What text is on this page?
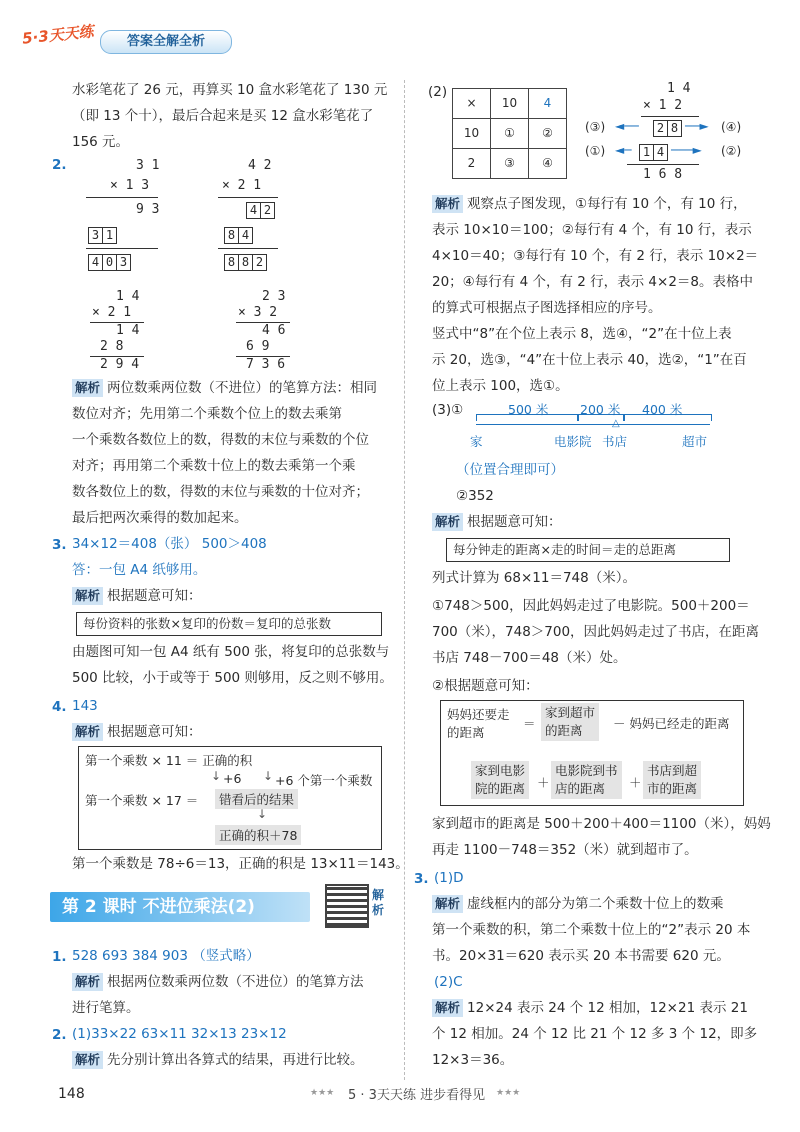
5·3天天练	答案全解全析
水彩笔花了 26 元，再算买 10 盒水彩笔花了 130 元
（即 13 个十），最后合起来是买 12 盒水彩笔花了
156 元。
2.	3 1
× 1 3
9 3
3 1
4 0 3
4 2
× 2 1
4 2
8 4
8 8 2
1 4
× 2 1
1 4
2 8
2 9 4
2 3
× 3 2
4 6
6 9
7 3 6
解析 两位数乘两位数（不进位）的笔算方法：相同
数位对齐；先用第二个乘数个位上的数去乘第
一个乘数各数位上的数，得数的末位与乘数的个位
对齐；再用第二个乘数十位上的数去乘第一个乘
数各数位上的数，得数的末位与乘数的十位对齐；
最后把两次乘得的数加起来。
3. 34×12＝408（张） 500＞408
答：一包 A4 纸够用。
解析 根据题意可知：
每份资料的张数×复印的份数＝复印的总张数
由题图可知一包 A4 纸有 500 张，将复印的总张数与
500 比较，小于或等于 500 则够用，反之则不够用。
4. 143
解析 根据题意可知：
第一个乘数 × 11 ＝ 正确的积
↓ +6 ↓ +6 个第一个乘数
第一个乘数 × 17 ＝	错看后的结果
↓
正确的积＋78
第一个乘数是 78÷6＝13，正确的积是 13×11＝143。
第 2 课时 不进位乘法(2)
解析
1. 528 693 384 903 （竖式略）
解析 根据两位数乘两位数（不进位）的笔算方法
进行笔算。
2. (1)33×22 63×11 32×13 23×12
解析 先分别计算出各算式的结果，再进行比较。
(2)
×	10	4
10	①	②
2	③	④
1 4
× 1 2
(③) ◄──	2 8 ──► (④)
(①) ◄─ 1 4 ───► (②)
1 6 8
解析 观察点子图发现，①每行有 10 个，有 10 行，
表示 10×10＝100；②每行有 4 个，有 10 行，表示
4×10＝40；③每行有 10 个，有 2 行，表示 10×2＝
20；④每行有 4 个，有 2 行，表示 4×2＝8。表格中
的算式可根据点子图选择相应的序号。
竖式中“8”在个位上表示 8，选④，“2”在十位上表
示 20，选③，“4”在十位上表示 40，选②，“1”在百
位上表示 100，选①。
(3)①	500 米	200 米 400 米
△
家	电影院 书店	超市
（位置合理即可）
②352
解析 根据题意可知：
每分钟走的距离×走的时间＝走的总距离
列式计算为 68×11＝748（米）。
①748＞500，因此妈妈走过了电影院。500＋200＝
700（米），748＞700，因此妈妈走过了书店，在距离
书店 748－700＝48（米）处。
②根据题意可知：
妈妈还要走
的距离
＝
家到超市
的距离	－ 妈妈已经走的距离
家到电影
院的距离 ＋
电影院到书
店的距离	＋
书店到超
市的距离
家到超市的距离是 500＋200＋400＝1100（米），妈妈
再走 1100－748＝352（米）就到超市了。
3. (1)D
解析 虚线框内的部分为第二个乘数十位上的数乘
第一个乘数的积，第二个乘数十位上的“2”表示 20 本
书。20×31＝620 表示买 20 本书需要 620 元。
(2)C
解析 12×24 表示 24 个 12 相加，12×21 表示 21
个 12 相加。24 个 12 比 21 个 12 多 3 个 12，即多
12×3＝36。
148	★★★ 5 · 3天天练 进步看得见 ★★★
